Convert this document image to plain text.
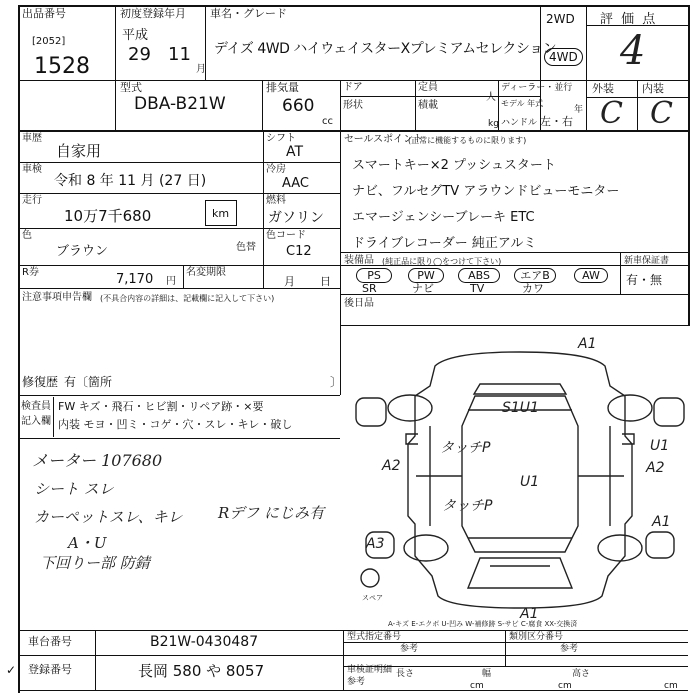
出品番号
[2052]
1528
初度登録年月
平成
29 11
月
車名・グレード
デイズ 4WD ハイウェイスターXプレミアムセレクション
2WD
4WD
評 価 点
4
型式
DBA-B21W
排気量
660
cc
ドア	定員
人
ディーラー・並行
形状	積載	モデル 年式
年
kg ハンドル 左・右
外装	内装
C C
車歴
自家用
シフト
AT
車検
令和 8 年 11 月 (27 日)
冷房
AAC
走行
10万7千680	km
燃料
ガソリン
色
ブラウン	色替
色コード
C12
R券	7,170 円
名変期限
月 日
注意事項申告欄 (不具合内容の詳細は、記載欄に記入して下さい)
修復歴 有〔箇所	〕
セールスポイント
(正常に機能するものに限ります)
スマートキー×2 プッシュスタート
ナビ、フルセグTV アラウンドビューモニター
エマージェンシーブレーキ ETC
ドライブレコーダー 純正アルミ
装備品 (純正品に限り◯をつけて下さい)
PS	PW	ABS	エアB	AW
SR	ナビ	TV	カワ
新車保証書
有・無
後日品
検査員
記入欄
FW キズ・飛石・ヒビ割・リペア跡・×要
内装 モヨ・凹ミ・コゲ・穴・スレ・キレ・破し
メーター 107680
シート スレ
カーペットスレ、キレ
A・U
下回りー部 防錆
Rデフ にじみ有
A1
S1U1
タッチP	U1
A2
タッチP
U1
A2
A1
A3
A1
スペア
A-キズ E-エクボ U-凹み W-補修跡 S-サビ C-腐食 XX-交換済
車台番号	B21W-0430487
✓ 登録番号	長岡 580 や 8057
型式指定番号
参考
類別区分番号
参考
車検証明細
参考
長さ	幅	高さ
cm	cm	cm
